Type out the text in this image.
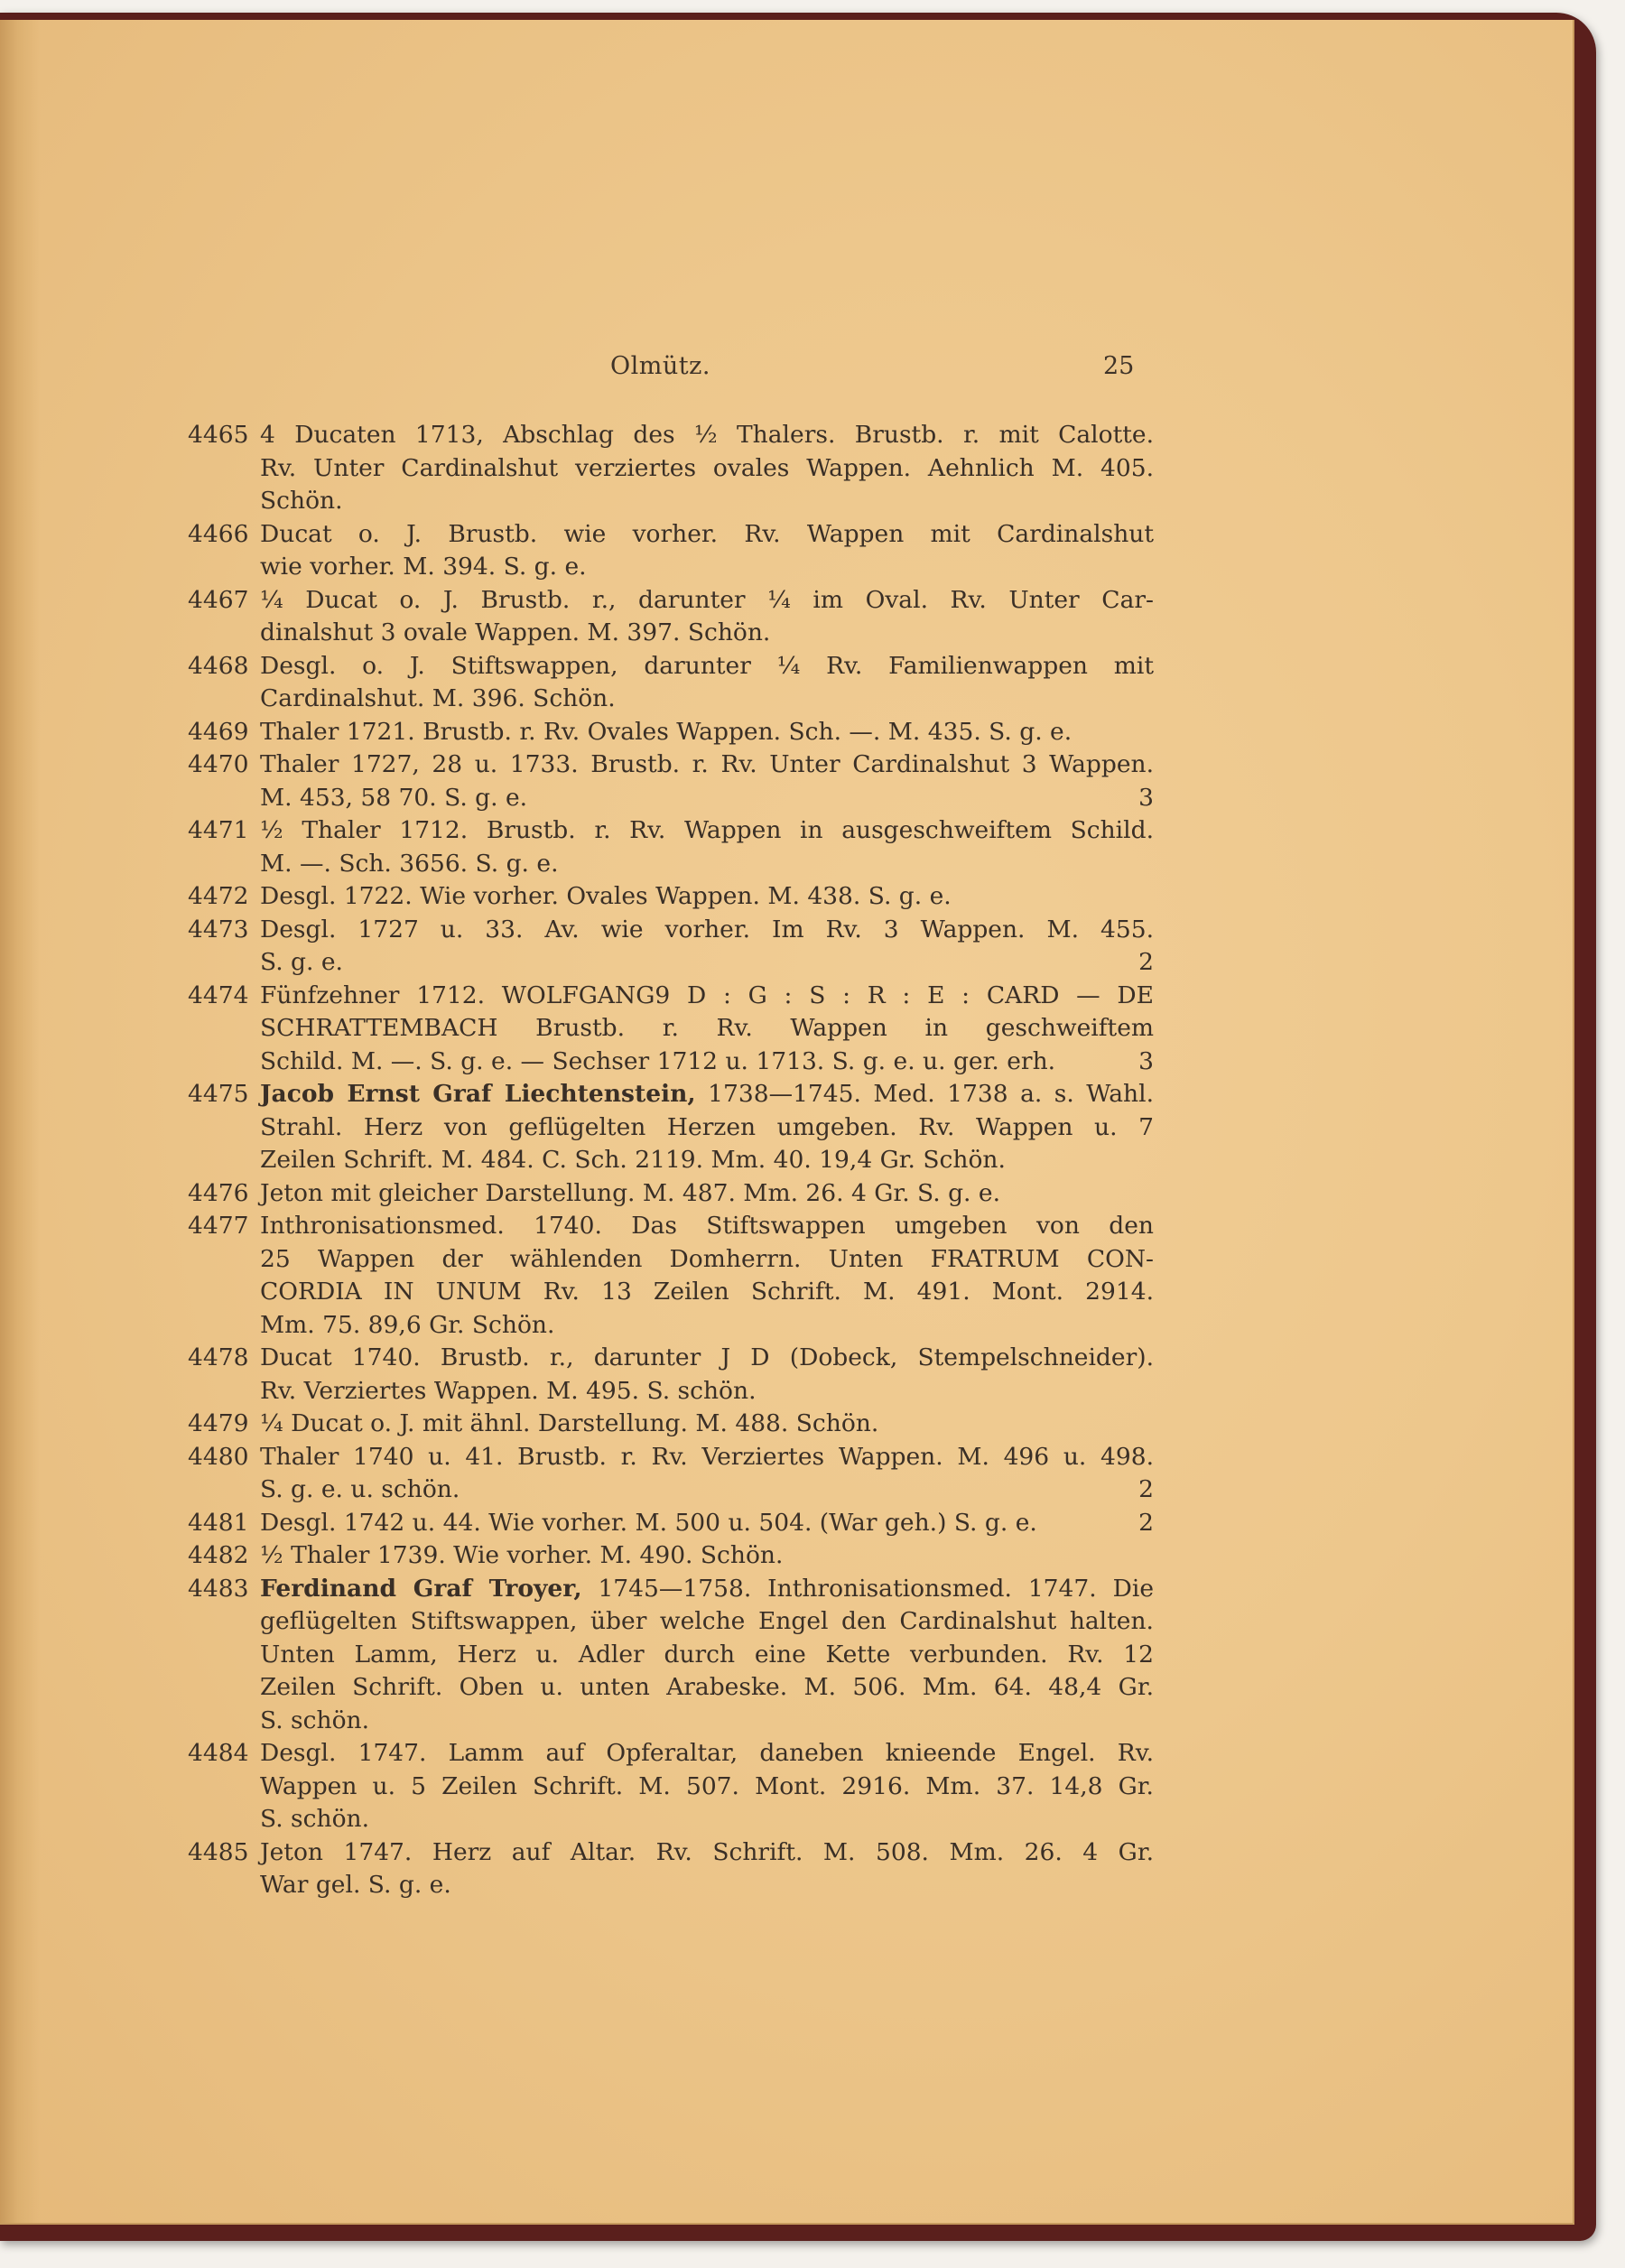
Olmütz.	25
4465 4 Ducaten 1713, Abschlag des ½ Thalers. Brustb. r. mit Calotte.
Rv. Unter Cardinalshut verziertes ovales Wappen. Aehnlich M. 405.
Schön.
4466 Ducat o. J. Brustb. wie vorher. Rv. Wappen mit Cardinalshut
wie vorher. M. 394. S. g. e.
4467 ¼ Ducat o. J. Brustb. r., darunter ¼ im Oval. Rv. Unter Car-
dinalshut 3 ovale Wappen. M. 397. Schön.
4468 Desgl. o. J. Stiftswappen, darunter ¼ Rv. Familienwappen mit
Cardinalshut. M. 396. Schön.
4469 Thaler 1721. Brustb. r. Rv. Ovales Wappen. Sch. —. M. 435. S. g. e.
4470 Thaler 1727, 28 u. 1733. Brustb. r. Rv. Unter Cardinalshut 3 Wappen.
M. 453, 58 70. S. g. e.	3
4471 ½ Thaler 1712. Brustb. r. Rv. Wappen in ausgeschweiftem Schild.
M. —. Sch. 3656. S. g. e.
4472 Desgl. 1722. Wie vorher. Ovales Wappen. M. 438. S. g. e.
4473 Desgl. 1727 u. 33. Av. wie vorher. Im Rv. 3 Wappen. M. 455.
S. g. e.	2
4474 Fünfzehner 1712. WOLFGANG9 D : G : S : R : E : CARD — DE
SCHRATTEMBACH Brustb. r. Rv. Wappen in geschweiftem
Schild. M. —. S. g. e. — Sechser 1712 u. 1713. S. g. e. u. ger. erh.	3
4475 Jacob Ernst Graf Liechtenstein, 1738—1745. Med. 1738 a. s. Wahl.
Strahl. Herz von geflügelten Herzen umgeben. Rv. Wappen u. 7
Zeilen Schrift. M. 484. C. Sch. 2119. Mm. 40. 19,4 Gr. Schön.
4476 Jeton mit gleicher Darstellung. M. 487. Mm. 26. 4 Gr. S. g. e.
4477 Inthronisationsmed. 1740. Das Stiftswappen umgeben von den
25 Wappen der wählenden Domherrn. Unten FRATRUM CON-
CORDIA IN UNUM Rv. 13 Zeilen Schrift. M. 491. Mont. 2914.
Mm. 75. 89,6 Gr. Schön.
4478 Ducat 1740. Brustb. r., darunter J D (Dobeck, Stempelschneider).
Rv. Verziertes Wappen. M. 495. S. schön.
4479 ¼ Ducat o. J. mit ähnl. Darstellung. M. 488. Schön.
4480 Thaler 1740 u. 41. Brustb. r. Rv. Verziertes Wappen. M. 496 u. 498.
S. g. e. u. schön.	2
4481 Desgl. 1742 u. 44. Wie vorher. M. 500 u. 504. (War geh.) S. g. e.	2
4482 ½ Thaler 1739. Wie vorher. M. 490. Schön.
4483 Ferdinand Graf Troyer, 1745—1758. Inthronisationsmed. 1747. Die
geflügelten Stiftswappen, über welche Engel den Cardinalshut halten.
Unten Lamm, Herz u. Adler durch eine Kette verbunden. Rv. 12
Zeilen Schrift. Oben u. unten Arabeske. M. 506. Mm. 64. 48,4 Gr.
S. schön.
4484 Desgl. 1747. Lamm auf Opferaltar, daneben knieende Engel. Rv.
Wappen u. 5 Zeilen Schrift. M. 507. Mont. 2916. Mm. 37. 14,8 Gr.
S. schön.
4485 Jeton 1747. Herz auf Altar. Rv. Schrift. M. 508. Mm. 26. 4 Gr.
War gel. S. g. e.
